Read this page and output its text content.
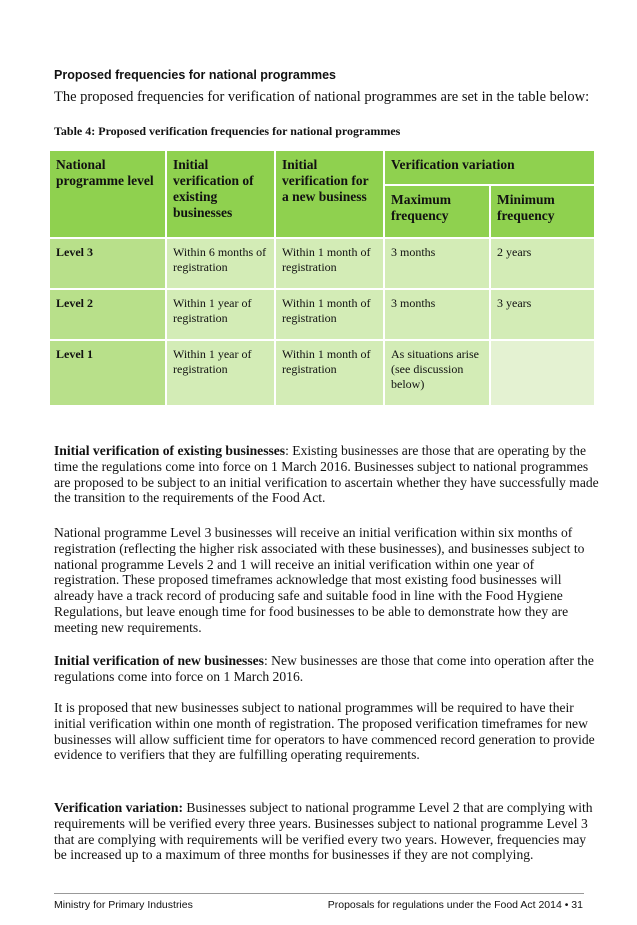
Proposed frequencies for national programmes
The proposed frequencies for verification of national programmes are set in the table below:
Table 4: Proposed verification frequencies for national programmes
National programme level	Initial verification of existing businesses	Initial verification for a new business	Verification variation	
			Maximum frequency	Minimum frequency
Level 3	Within 6 months of registration	Within 1 month of registration	3 months	2 years
Level 2	Within 1 year of registration	Within 1 month of registration	3 months	3 years
Level 1	Within 1 year of registration	Within 1 month of registration	As situations arise (see discussion below)	
Initial verification of existing businesses: Existing businesses are those that are operating by the time the regulations come into force on 1 March 2016. Businesses subject to national programmes are proposed to be subject to an initial verification to ascertain whether they have successfully made the transition to the requirements of the Food Act.
National programme Level 3 businesses will receive an initial verification within six months of registration (reflecting the higher risk associated with these businesses), and businesses subject to national programme Levels 2 and 1 will receive an initial verification within one year of registration. These proposed timeframes acknowledge that most existing food businesses will already have a track record of producing safe and suitable food in line with the Food Hygiene Regulations, but leave enough time for food businesses to be able to demonstrate how they are meeting new requirements.
Initial verification of new businesses: New businesses are those that come into operation after the regulations come into force on 1 March 2016.
It is proposed that new businesses subject to national programmes will be required to have their initial verification within one month of registration. The proposed verification timeframes for new businesses will allow sufficient time for operators to have commenced record generation to provide evidence to verifiers that they are fulfilling operating requirements.
Verification variation: Businesses subject to national programme Level 2 that are complying with requirements will be verified every three years. Businesses subject to national programme Level 3 that are complying with requirements will be verified every two years. However, frequencies may be increased up to a maximum of three months for businesses if they are not complying.
Ministry for Primary Industries	Proposals for regulations under the Food Act 2014 • 31
